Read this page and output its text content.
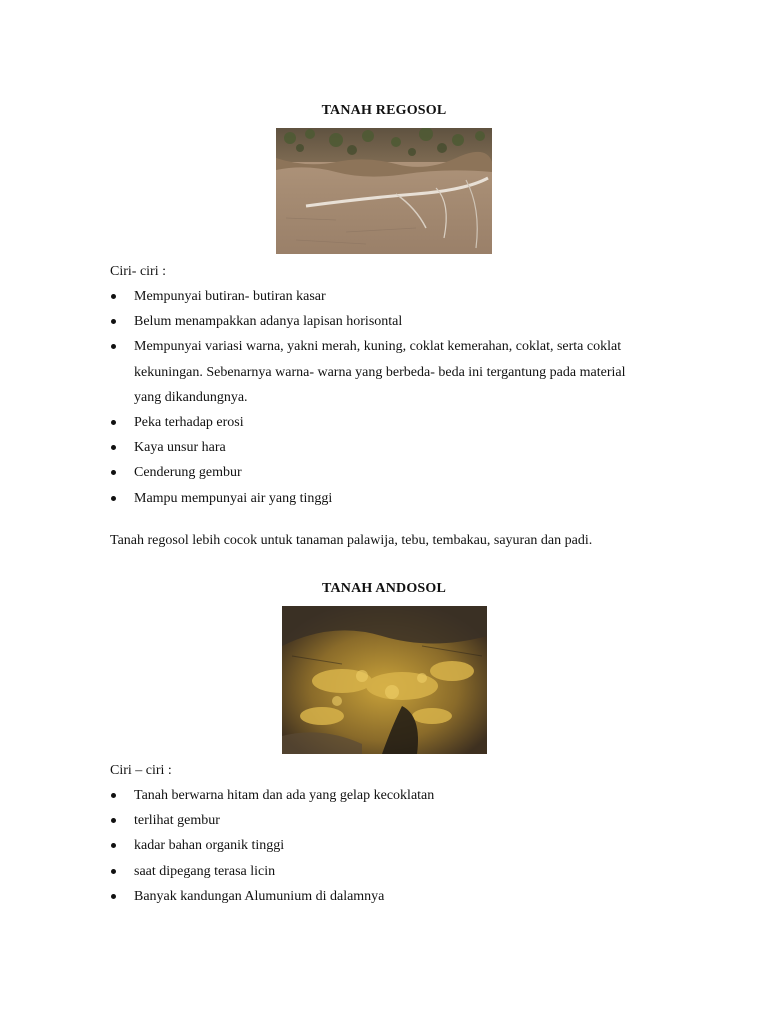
TANAH REGOSOL
Ciri- ciri :
Mempunyai butiran- butiran kasar
Belum menampakkan adanya lapisan horisontal
Mempunyai variasi warna, yakni merah, kuning, coklat kemerahan, coklat, serta coklat kekuningan. Sebenarnya warna- warna yang berbeda- beda ini tergantung pada material yang dikandungnya.
Peka terhadap erosi
Kaya unsur hara
Cenderung gembur
Mampu mempunyai air yang tinggi
Tanah regosol lebih cocok untuk tanaman palawija, tebu, tembakau, sayuran dan padi.
TANAH ANDOSOL
Ciri – ciri :
Tanah berwarna hitam dan ada yang gelap kecoklatan
terlihat gembur
kadar bahan organik tinggi
saat dipegang terasa licin
Banyak kandungan Alumunium di dalamnya
